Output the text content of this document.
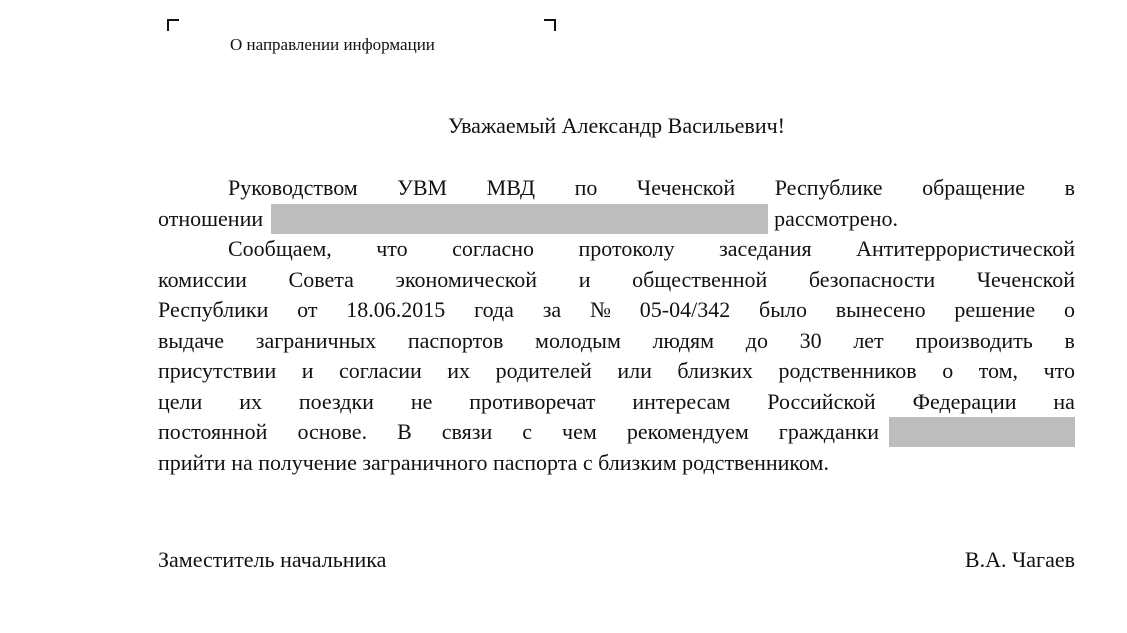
О направлении информации
Уважаемый Александр Васильевич!
Руководством УВМ МВД по Чеченской Республике обращение в
отношении	рассмотрено.
Сообщаем, что согласно протоколу заседания Антитеррористической
комиссии Совета экономической и общественной безопасности Чеченской
Республики от 18.06.2015 года за № 05-04/342 было вынесено решение о
выдаче заграничных паспортов молодым людям до 30 лет производить в
присутствии и согласии их родителей или близких родственников о том, что
цели их поездки не противоречат интересам Российской Федерации на
постоянной основе. В связи с чем рекомендуем гражданки
прийти на получение заграничного паспорта с близким родственником.
Заместитель начальника	В.А. Чагаев
